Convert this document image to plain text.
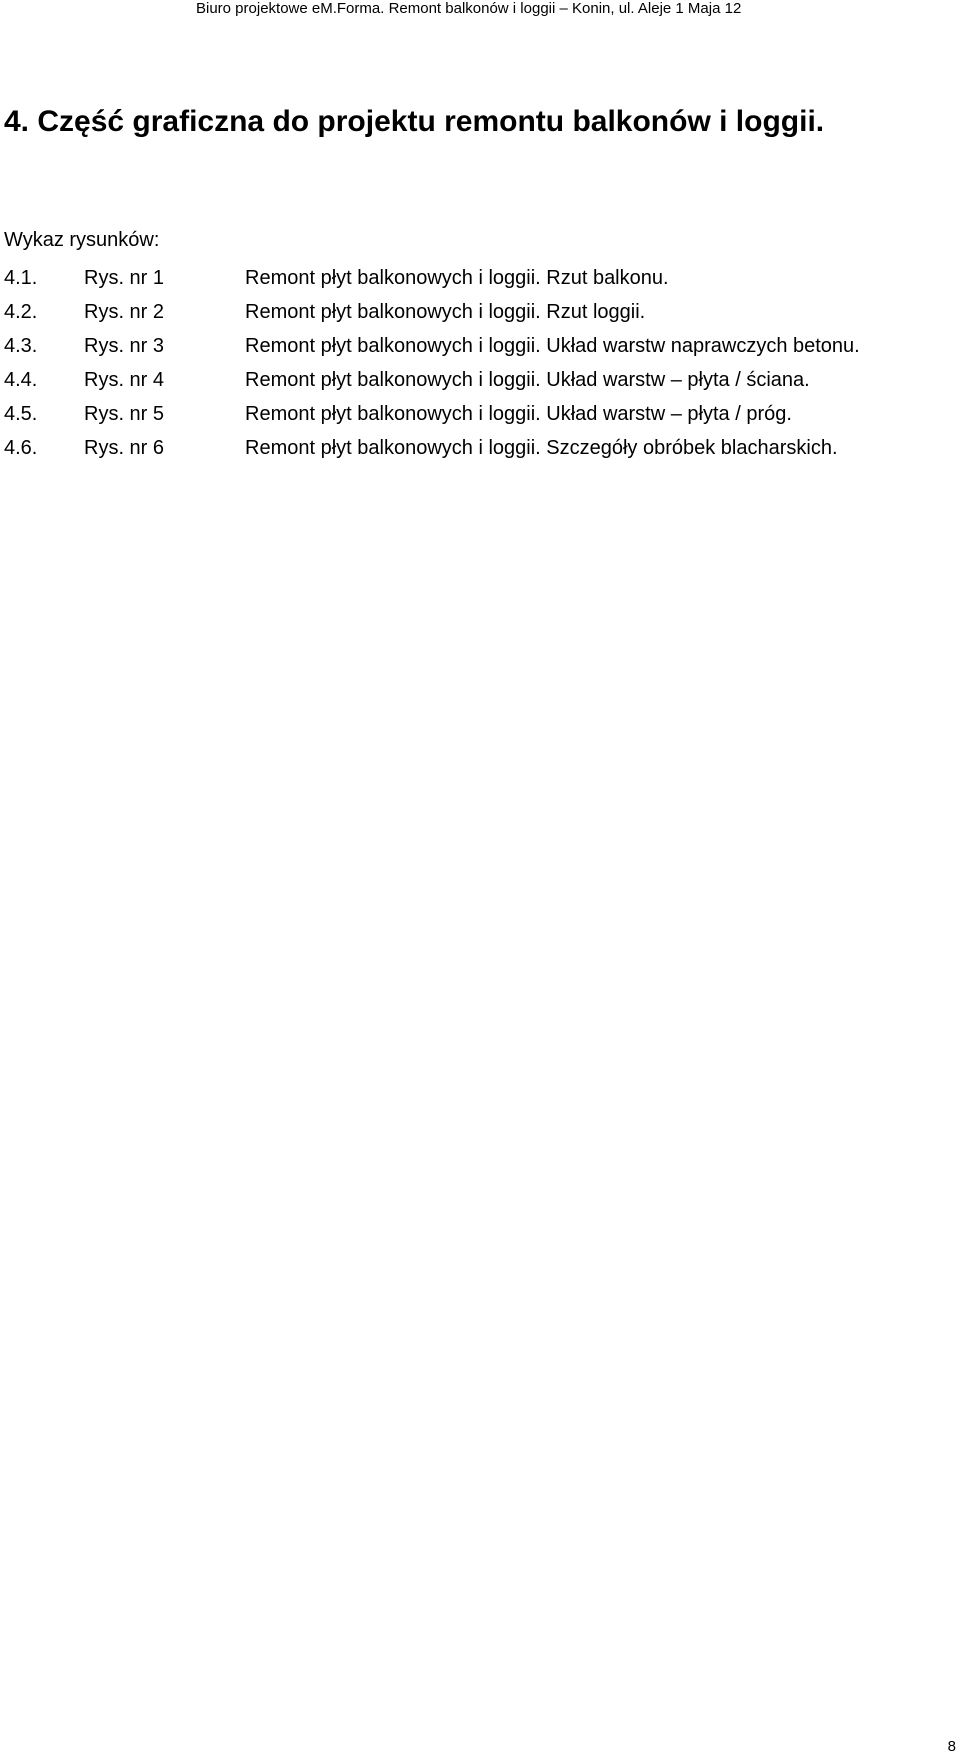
Biuro projektowe eM.Forma. Remont balkonów i loggii – Konin, ul. Aleje 1 Maja 12
4. Część graficzna do projektu remontu balkonów i loggii.
Wykaz rysunków:
4.1. Rys. nr 1	Remont płyt balkonowych i loggii. Rzut balkonu.
4.2. Rys. nr 2	Remont płyt balkonowych i loggii. Rzut loggii.
4.3. Rys. nr 3	Remont płyt balkonowych i loggii. Układ warstw naprawczych betonu.
4.4. Rys. nr 4	Remont płyt balkonowych i loggii. Układ warstw – płyta / ściana.
4.5. Rys. nr 5	Remont płyt balkonowych i loggii. Układ warstw – płyta / próg.
4.6. Rys. nr 6	Remont płyt balkonowych i loggii. Szczegóły obróbek blacharskich.
8
